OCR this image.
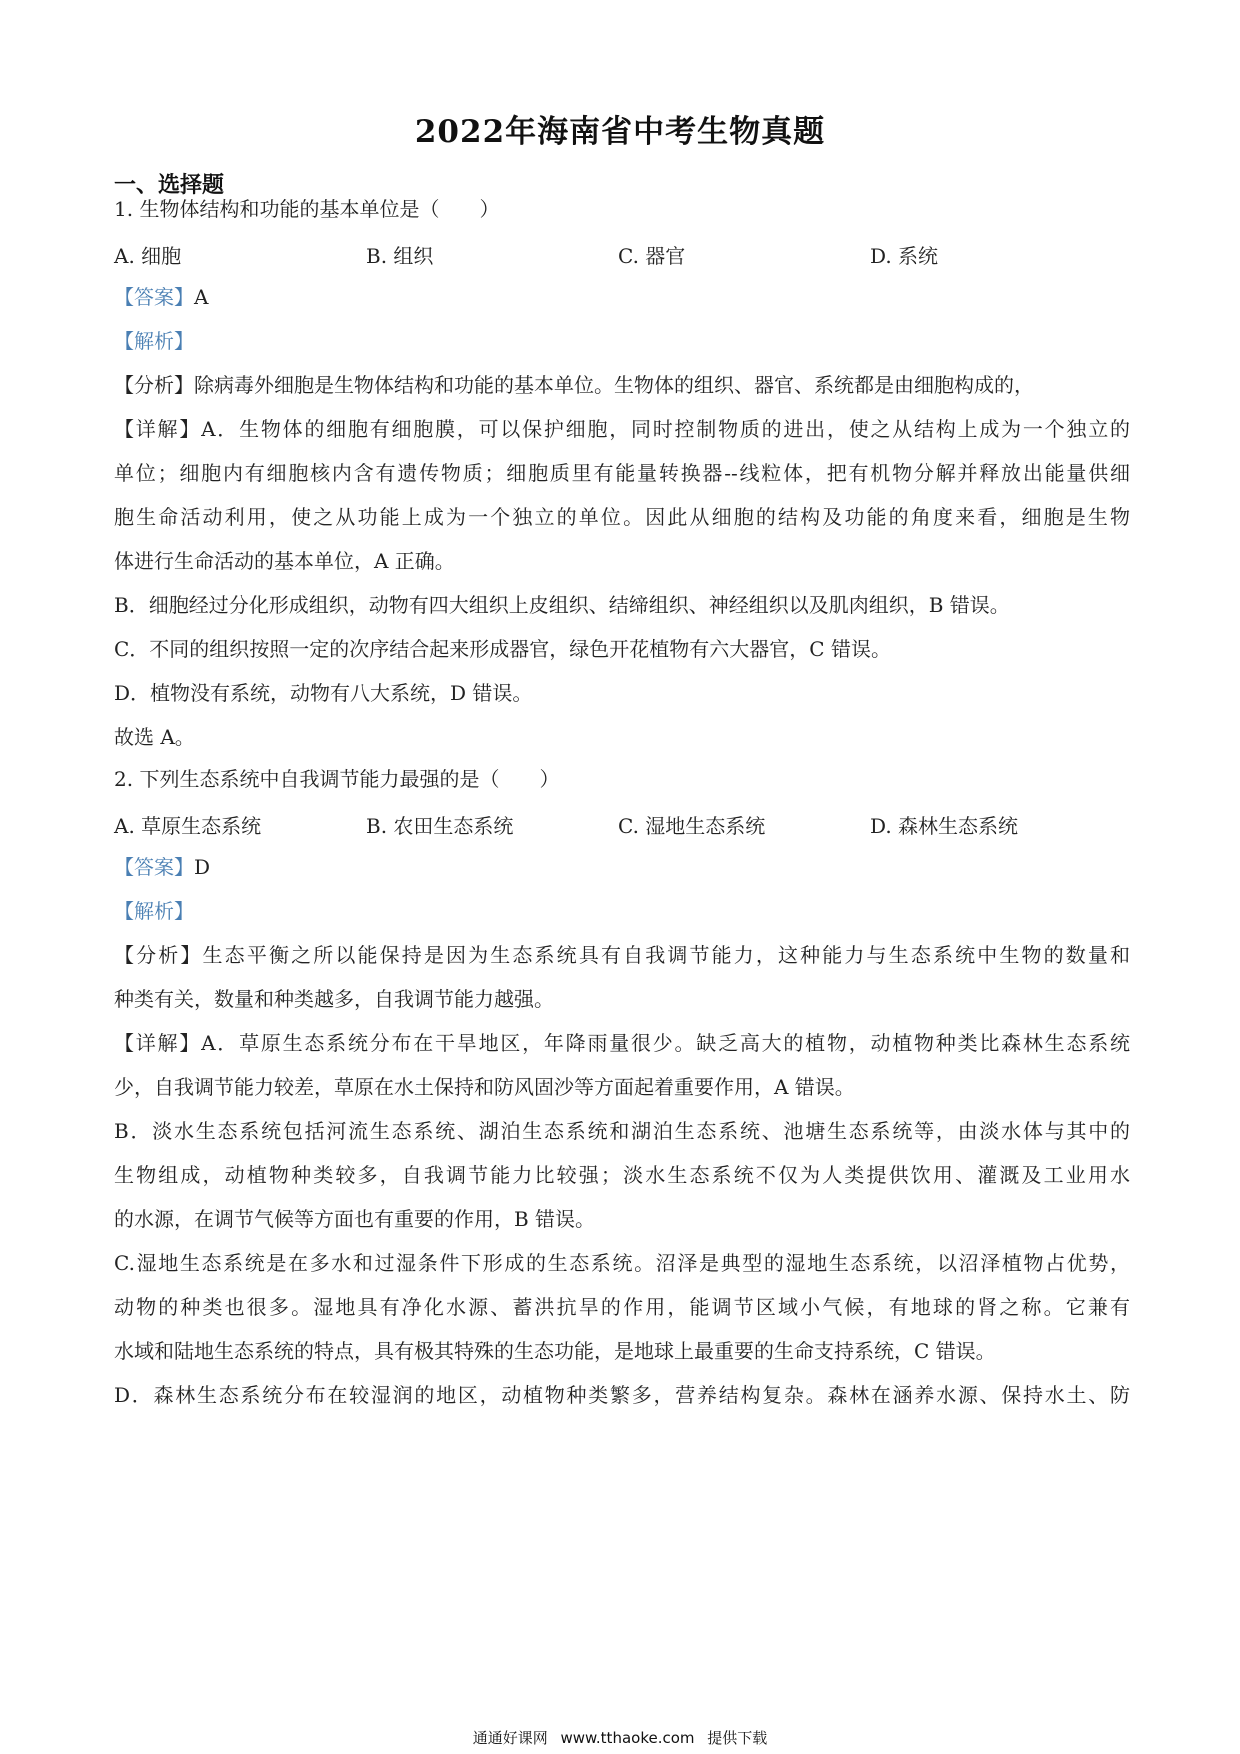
2022年海南省中考生物真题
一、选择题
1. 生物体结构和功能的基本单位是（　　）
A. 细胞	B. 组织	C. 器官	D. 系统
【答案】A
【解析】
【分析】除病毒外细胞是生物体结构和功能的基本单位。生物体的组织、器官、系统都是由细胞构成的，
【详解】A．生物体的细胞有细胞膜，可以保护细胞，同时控制物质的进出，使之从结构上成为一个独立的
单位；细胞内有细胞核内含有遗传物质；细胞质里有能量转换器--线粒体，把有机物分解并释放出能量供细
胞生命活动利用，使之从功能上成为一个独立的单位。因此从细胞的结构及功能的角度来看，细胞是生物
体进行生命活动的基本单位，A 正确。
B．细胞经过分化形成组织，动物有四大组织上皮组织、结缔组织、神经组织以及肌肉组织，B 错误。
C．不同的组织按照一定的次序结合起来形成器官，绿色开花植物有六大器官，C 错误。
D．植物没有系统，动物有八大系统，D 错误。
故选 A。
2. 下列生态系统中自我调节能力最强的是（　　）
A. 草原生态系统	B. 农田生态系统	C. 湿地生态系统	D. 森林生态系统
【答案】D
【解析】
【分析】生态平衡之所以能保持是因为生态系统具有自我调节能力，这种能力与生态系统中生物的数量和
种类有关，数量和种类越多，自我调节能力越强。
【详解】A．草原生态系统分布在干旱地区，年降雨量很少。缺乏高大的植物，动植物种类比森林生态系统
少，自我调节能力较差，草原在水土保持和防风固沙等方面起着重要作用，A 错误。
B．淡水生态系统包括河流生态系统、湖泊生态系统和湖泊生态系统、池塘生态系统等，由淡水体与其中的
生物组成，动植物种类较多，自我调节能力比较强；淡水生态系统不仅为人类提供饮用、灌溉及工业用水
的水源，在调节气候等方面也有重要的作用，B 错误。
C.湿地生态系统是在多水和过湿条件下形成的生态系统。沼泽是典型的湿地生态系统，以沼泽植物占优势，
动物的种类也很多。湿地具有净化水源、蓄洪抗旱的作用，能调节区域小气候，有地球的肾之称。它兼有
水域和陆地生态系统的特点，具有极其特殊的生态功能，是地球上最重要的生命支持系统，C 错误。
D．森林生态系统分布在较湿润的地区，动植物种类繁多，营养结构复杂。森林在涵养水源、保持水土、防
通通好课网 www.tthaoke.com 提供下载
